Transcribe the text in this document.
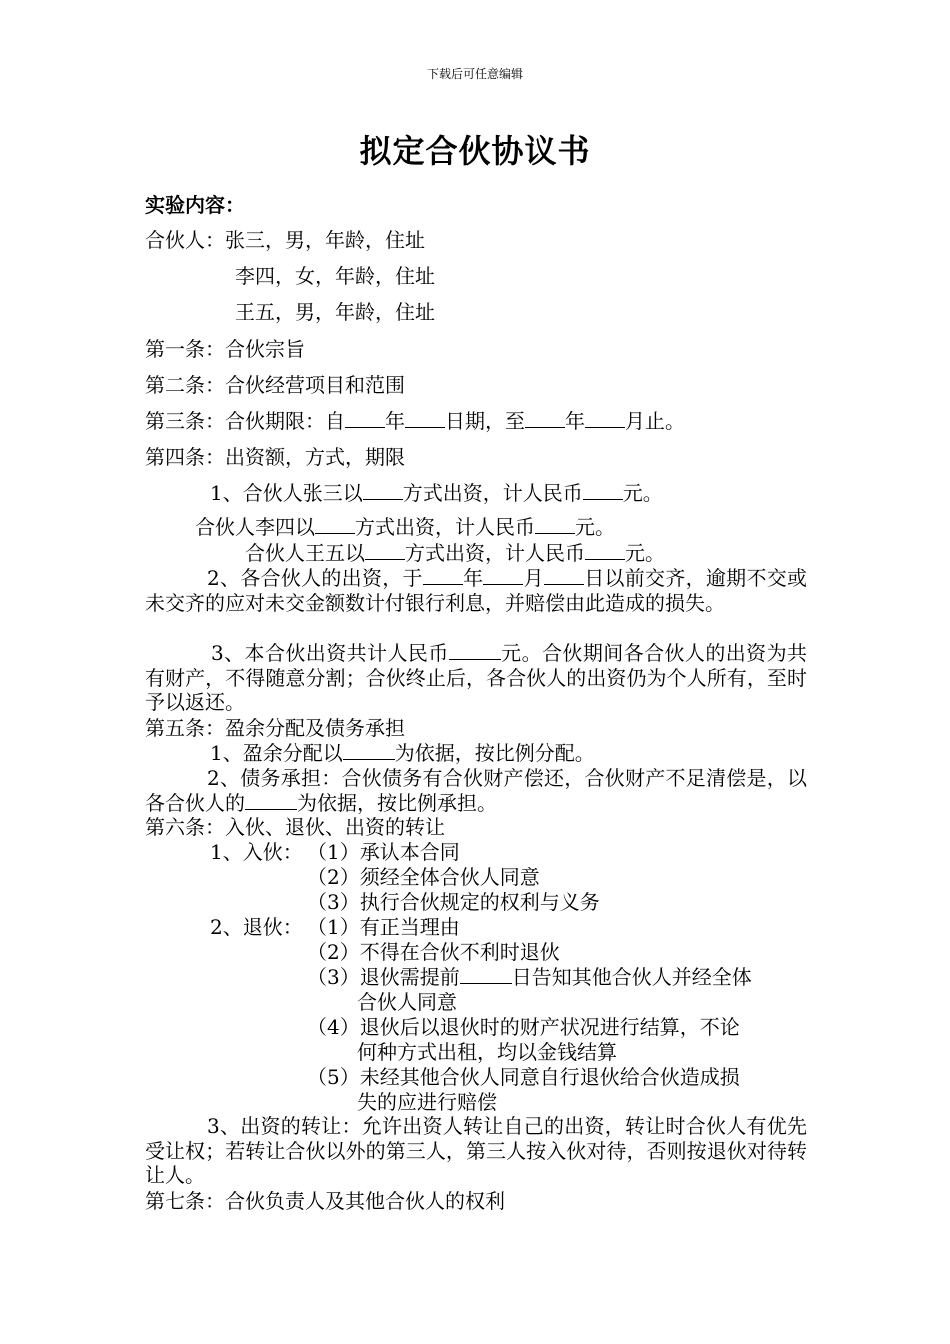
下载后可任意编辑
拟定合伙协议书
实验内容：
合伙人：张三，男，年龄，住址
李四，女，年龄，住址
王五，男，年龄，住址
第一条：合伙宗旨
第二条：合伙经营项目和范围
第三条：合伙期限：自 年 日期，至 年 月止。
第四条：出资额，方式，期限
1、合伙人张三以 方式出资，计人民币 元。
合伙人李四以 方式出资，计人民币 元。
合伙人王五以 方式出资，计人民币 元。
2、各合伙人的出资，于 年 月 日以前交齐，逾期不交或未交齐的应对未交金额数计付银行利息，并赔偿由此造成的损失。
3、本合伙出资共计人民币	元。合伙期间各合伙人的出资为共有财产，不得随意分割；合伙终止后，各合伙人的出资仍为个人所有，至时予以返还。
第五条：盈余分配及债务承担
1、盈余分配以	为依据，按比例分配。
2、债务承担：合伙债务有合伙财产偿还，合伙财产不足清偿是，以各合伙人的	为依据，按比例承担。
第六条：入伙、退伙、出资的转让
1、入伙： （1）承认本合同
（2）须经全体合伙人同意
（3）执行合伙规定的权利与义务
2、退伙： （1）有正当理由
（2）不得在合伙不利时退伙
（3）退伙需提前	日告知其他合伙人并经全体
合伙人同意
（4）退伙后以退伙时的财产状况进行结算，不论
何种方式出租，均以金钱结算
（5）未经其他合伙人同意自行退伙给合伙造成损
失的应进行赔偿
3、出资的转让：允许出资人转让自己的出资，转让时合伙人有优先受让权；若转让合伙以外的第三人，第三人按入伙对待，否则按退伙对待转让人。
第七条：合伙负责人及其他合伙人的权利
